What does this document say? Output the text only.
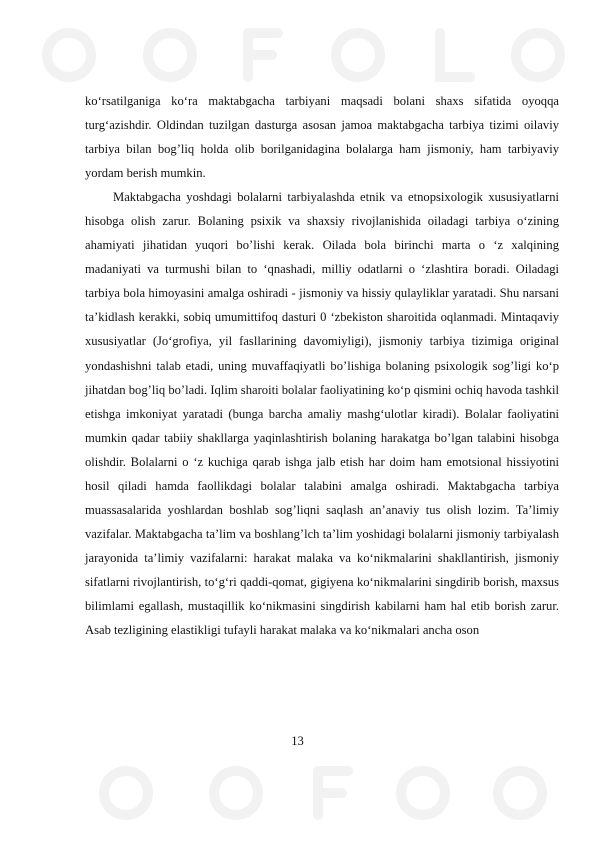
ko‘rsatilganiga ko‘ra maktabgacha tarbiyani maqsadi bolani shaxs sifatida oyoqqa turg‘azishdir. Oldindan tuzilgan dasturga asosan jamoa maktabgacha tarbiya tizimi oilaviy tarbiya bilan bog’liq holda olib borilganidagina bolalarga ham jismoniy, ham tarbiyaviy yordam berish mumkin.

Maktabgacha yoshdagi bolalarni tarbiyalashda etnik va etnopsixologik xususiyatlarni hisobga olish zarur. Bolaning psixik va shaxsiy rivojlanishida oiladagi tarbiya o‘zining ahamiyati jihatidan yuqori bo’lishi kerak. Oilada bola birinchi marta o ‘z xalqining madaniyati va turmushi bilan to ‘qnashadi, milliy odatlarni o ‘zlashtira boradi. Oiladagi tarbiya bola himoyasini amalga oshiradi - jismoniy va hissiy qulayliklar yaratadi. Shu narsani ta’kidlash kerakki, sobiq umumittifoq dasturi 0 ‘zbekiston sharoitida oqlanmadi. Mintaqaviy xususiyatlar (Jo‘grofiya, yil fasllarining davomiyligi), jismoniy tarbiya tizimiga original yondashishni talab etadi, uning muvaffaqiyatli bo’lishiga bolaning psixologik sog’ligi ko‘p jihatdan bog’liq bo’ladi. Iqlim sharoiti bolalar faoliyatining ko‘p qismini ochiq havoda tashkil etishga imkoniyat yaratadi (bunga barcha amaliy mashg‘ulotlar kiradi). Bolalar faoliyatini mumkin qadar tabiiy shakllarga yaqinlashtirish bolaning harakatga bo’lgan talabini hisobga olishdir. Bolalarni o ‘z kuchiga qarab ishga jalb etish har doim ham emotsional hissiyotini hosil qiladi hamda faollikdagi bolalar talabini amalga oshiradi. Maktabgacha tarbiya muassasalarida yoshlardan boshlab sog’liqni saqlash an’anaviy tus olish lozim. Ta’limiy vazifalar. Maktabgacha ta’lim va boshlang’lch ta’lim yoshidagi bolalarni jismoniy tarbiyalash jarayonida ta’limiy vazifalarni: harakat malaka va ko‘nikmalarini shakllantirish, jismoniy sifatlarni rivojlantirish, to‘g‘ri qaddi-qomat, gigiyena ko‘nikmalarini singdirib borish, maxsus bilimlami egallash, mustaqillik ko‘nikmasini singdirish kabilarni ham hal etib borish zarur. Asab tezligining elastikligi tufayli harakat malaka va ko‘nikmalari ancha oson

13
